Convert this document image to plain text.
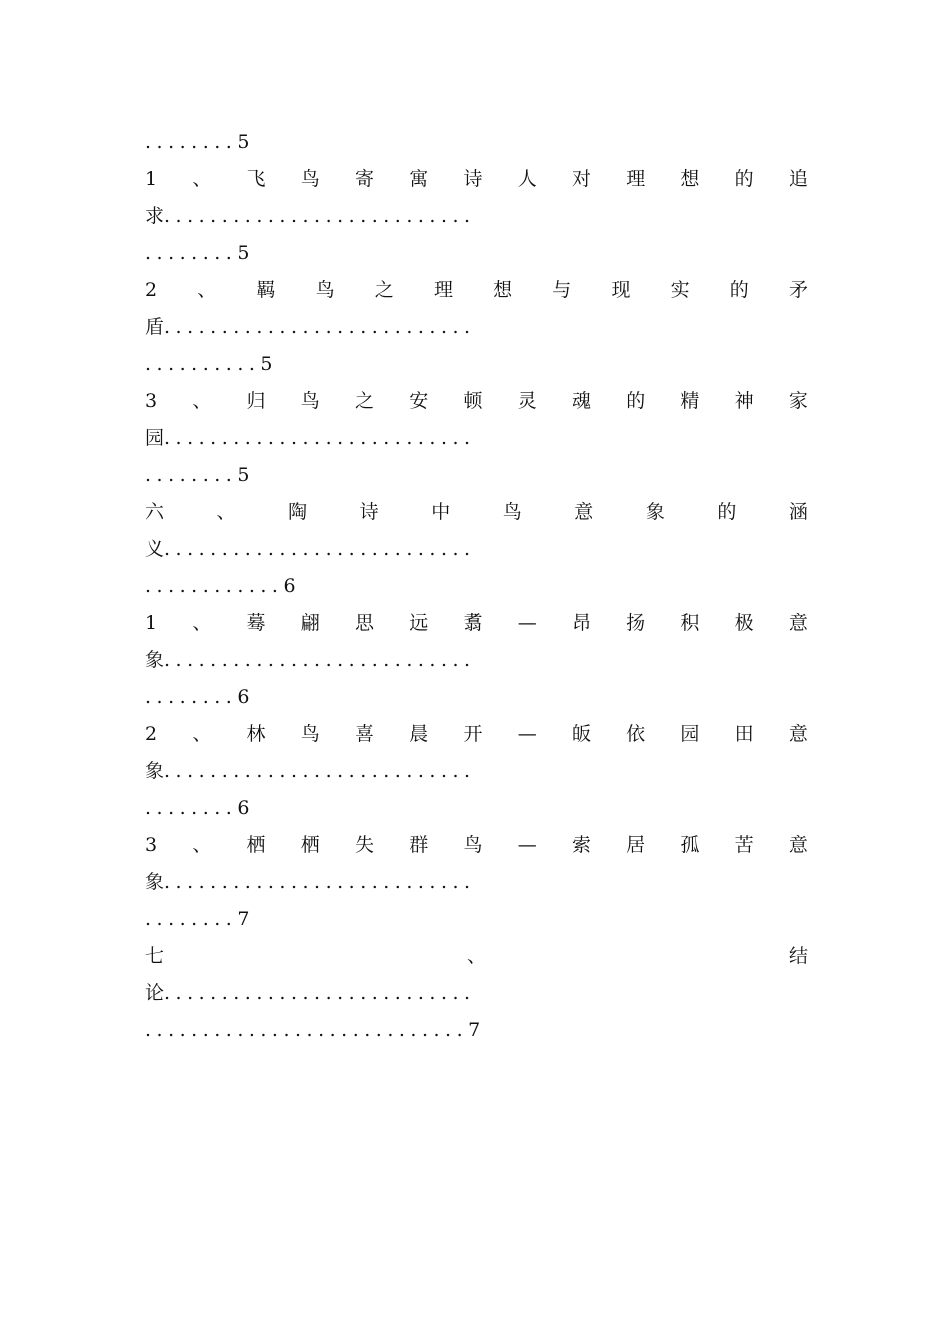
........5
1 、 飞 鸟 寄 寓 诗 人 对 理 想 的 追
求...........................
........5
2 、 羁 鸟 之 理 想 与 现 实 的 矛
盾...........................
..........5
3 、 归 鸟 之 安 顿 灵 魂 的 精 神 家
园...........................
........5
六	、	陶	诗	中	鸟	意	象	的	涵
义...........................
............6
1 、 蓦 翩 思 远 翥 — 昂 扬 积 极 意
象...........................
........6
2 、 林 鸟 喜 晨 开 — 皈 依 园 田 意
象...........................
........6
3 、 栖 栖 失 群 鸟 — 索 居 孤 苦 意
象...........................
........7
七	、	结
论...........................
............................7
